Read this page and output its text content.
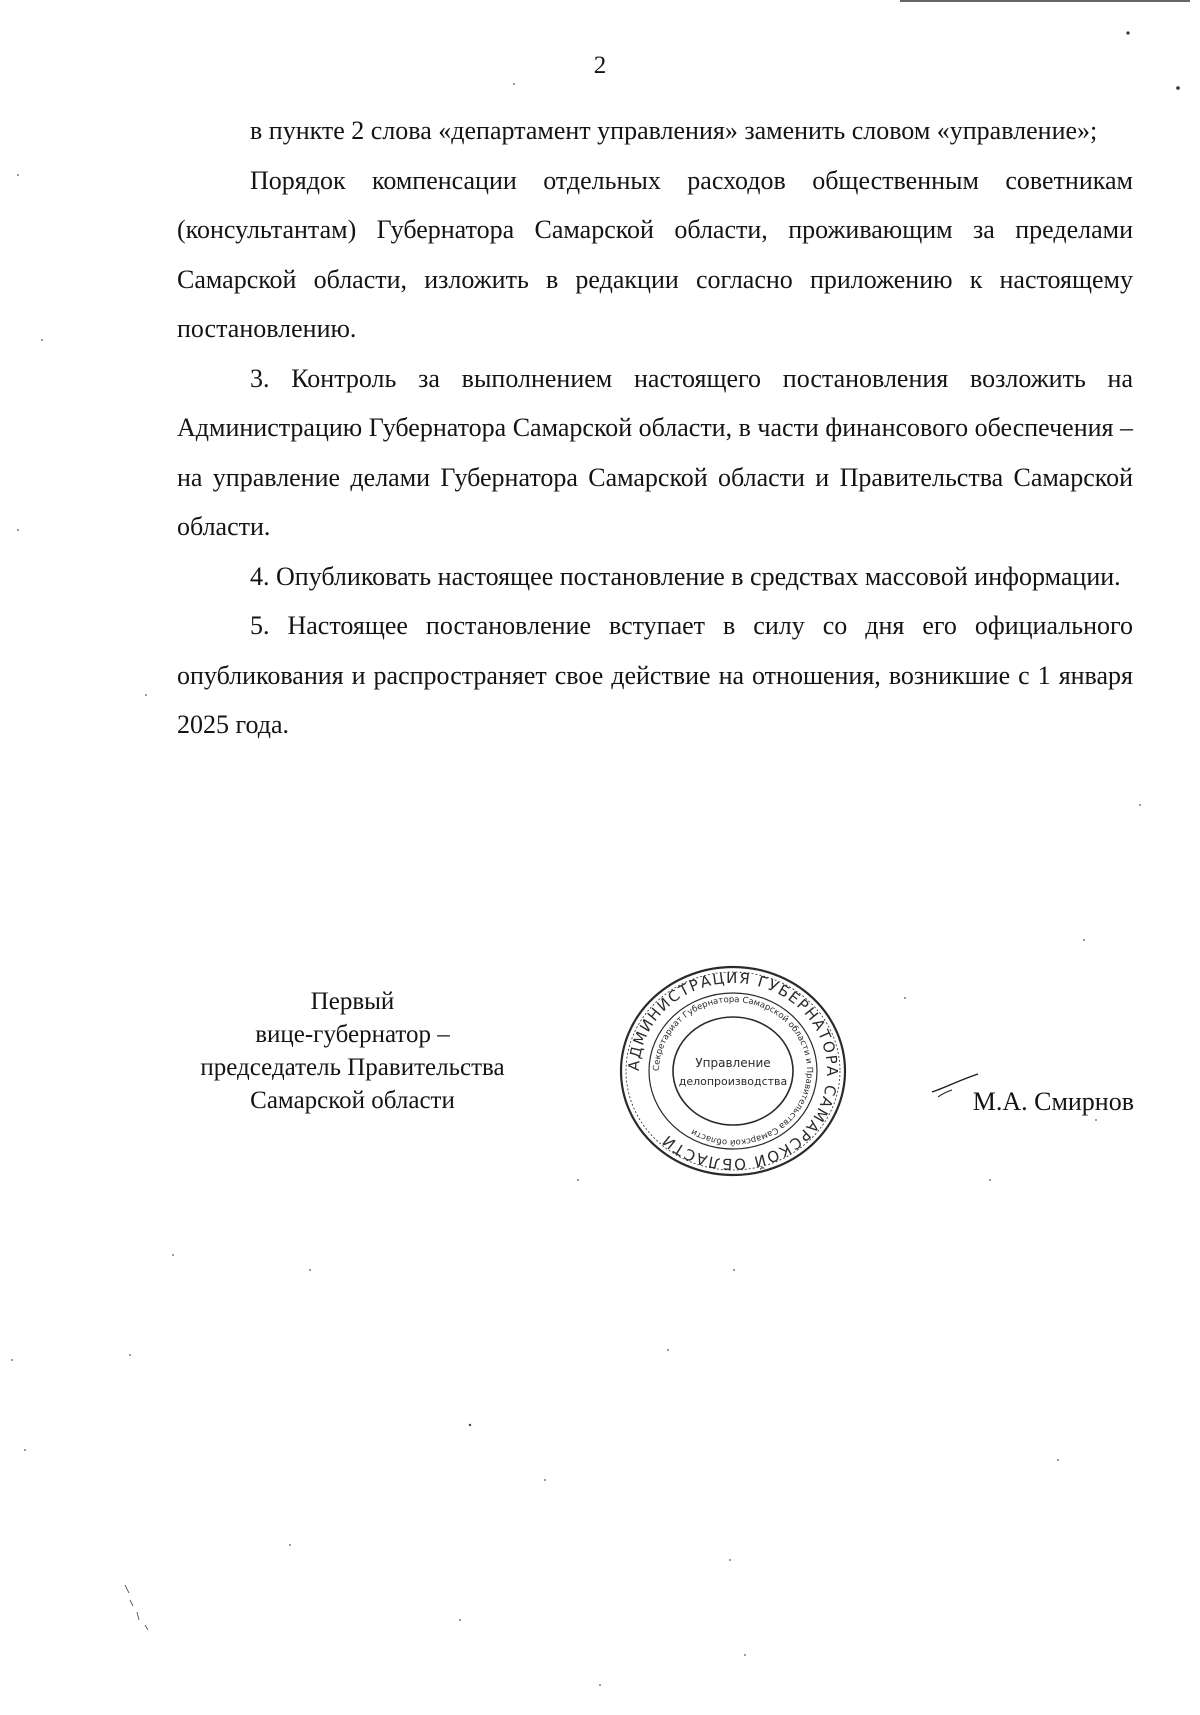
2

в пункте 2 слова «департамент управления» заменить словом «управление»;

Порядок компенсации отдельных расходов общественным советникам (консультантам) Губернатора Самарской области, проживающим за пределами Самарской области, изложить в редакции согласно приложению к настоящему постановлению.

3. Контроль за выполнением настоящего постановления возложить на Администрацию Губернатора Самарской области, в части финансового обеспечения – на управление делами Губернатора Самарской области и Правительства Самарской области.

4. Опубликовать настоящее постановление в средствах массовой информации.

5. Настоящее постановление вступает в силу со дня его официального опубликования и распространяет свое действие на отношения, возникшие с 1 января 2025 года.

Первый
вице-губернатор –
председатель Правительства
Самарской области
АДМИНИСТРАЦИЯ ГУБЕРНАТОРА САМАРСКОЙ ОБЛАСТИ
Секретариат Губернатора Самарской области и Правительства Самарской области
Управление
делопроизводства
М.А. Смирнов
